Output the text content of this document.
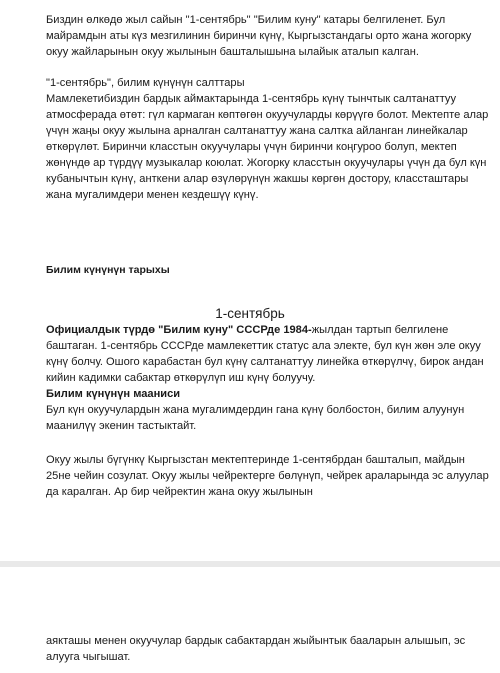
Биздин өлкөдө жыл сайын "1-сентябрь" "Билим куну" катары белгиленет. Бул майрамдын аты күз мезгилинин биринчи күнү, Кыргызстандагы орто жана жогорку окуу жайларынын окуу жылынын башталышына ылайык аталып калган.

"1-сентябрь", билим күнүнүн салттары

Мамлекетибиздин бардык аймактарында 1-сентябрь күнү тынчтык салтанаттуу атмосферада өтөт: гүл кармаган көптөгөн окуучуларды көрүүгө болот. Мектепте алар үчүн жаңы окуу жылына арналган салтанаттуу жана салтка айланган линейкалар өткөрүлөт. Биринчи класстын окуучулары үчүн биринчи коңгуроо болуп, мектеп жөнүндө ар түрдүү музыкалар коюлат. Жогорку класстын окуучулары үчүн да бул күн кубанычтын күнү, анткени алар өзүлөрүнүн жакшы көргөн достору, классташтары жана мугалимдери менен кездешүү күнү.

Билим күнүнүн тарыхы

1-сентябрь

Официалдык түрдө "Билим куну" СССРде 1984-жылдан тартып белгилене баштаган. 1-сентябрь СССРде мамлекеттик статус ала электе, бул күн жөн эле окуу күнү болчу. Ошого карабастан бул күнү салтанаттуу линейка өткөрүлчү, бирок андан кийин кадимки сабактар өткөрүлүп иш күнү болуучу.

Билим күнүнүн мааниси

Бул күн окуучулардын жана мугалимдердин гана күнү болбостон, билим алуунун маанилүү экенин тастыктайт.

Окуу жылы бүгүнкү Кыргызстан мектептеринде 1-сентябрдан башталып, майдын 25не чейин созулат. Окуу жылы чейректерге бөлүнүп, чейрек араларында эс алуулар да каралган. Ар бир чейректин жана окуу жылынын

аякташы менен окуучулар бардык сабактардан жыйынтык бааларын алышып, эс алууга чыгышат.
